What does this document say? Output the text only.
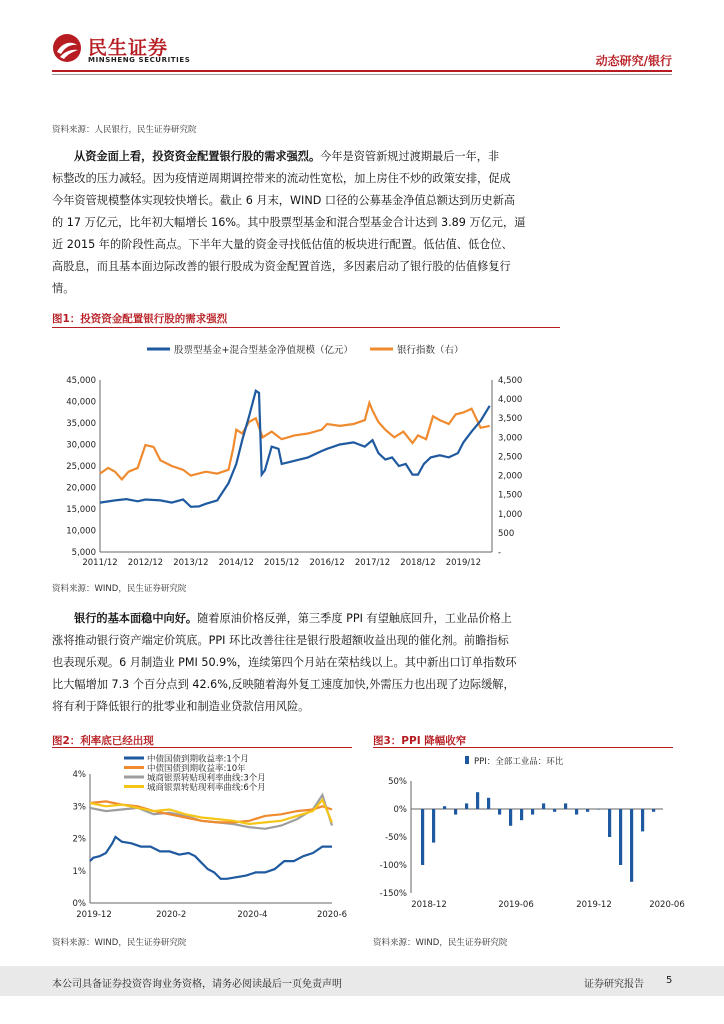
民生证券
MINSHENG SECURITIES	动态研究/银行
资料来源：人民银行，民生证券研究院
从资金面上看，投资资金配置银行股的需求强烈。今年是资管新规过渡期最后一年，非
标整改的压力减轻。因为疫情逆周期调控带来的流动性宽松，加上房住不炒的政策安排，促成
今年资管规模整体实现较快增长。截止 6 月末，WIND 口径的公募基金净值总额达到历史新高
的 17 万亿元，比年初大幅增长 16%。其中股票型基金和混合型基金合计达到 3.89 万亿元，逼
近 2015 年的阶段性高点。下半年大量的资金寻找低估值的板块进行配置。低估值、低仓位、
高股息，而且基本面边际改善的银行股成为资金配置首选，多因素启动了银行股的估值修复行
情。
图1：投资资金配置银行股的需求强烈
5,000
10,000
15,000
20,000
25,000
30,000
35,000
40,000
45,000
-
500
1,000
1,500
2,000
2,500
3,000
3,500
4,000
4,500
2011/12 2012/12 2013/12 2014/12 2015/12 2016/12 2017/12 2018/12 2019/12
股票型基金+混合型基金净值规模（亿元）	银行指数（右）
资料来源：WIND，民生证券研究院
银行的基本面稳中向好。随着原油价格反弹，第三季度 PPI 有望触底回升，工业品价格上
涨将推动银行资产端定价筑底。PPI 环比改善往往是银行股超额收益出现的催化剂。前瞻指标
也表现乐观。6 月制造业 PMI 50.9%，连续第四个月站在荣枯线以上。其中新出口订单指数环
比大幅增加 7.3 个百分点到 42.6%,反映随着海外复工速度加快,外需压力也出现了边际缓解，
将有利于降低银行的批零业和制造业贷款信用风险。
图2：利率底已经出现
0%
1%
2%
3%
4%
2019-12	2020-2	2020-4	2020-6
中债国债到期收益率:1个月
中债国债到期收益率:10年
城商银票转贴现利率曲线:3个月
城商银票转贴现利率曲线:6个月
资料来源：WIND，民生证券研究院
图3：PPI 降幅收窄
-150%
-100%
-50%
0%
50%
2018-12	2019-06	2019-12	2020-06
PPI：全部工业品：环比
资料来源：WIND，民生证券研究院
本公司具备证券投资咨询业务资格，请务必阅读最后一页免责声明	证券研究报告 5
